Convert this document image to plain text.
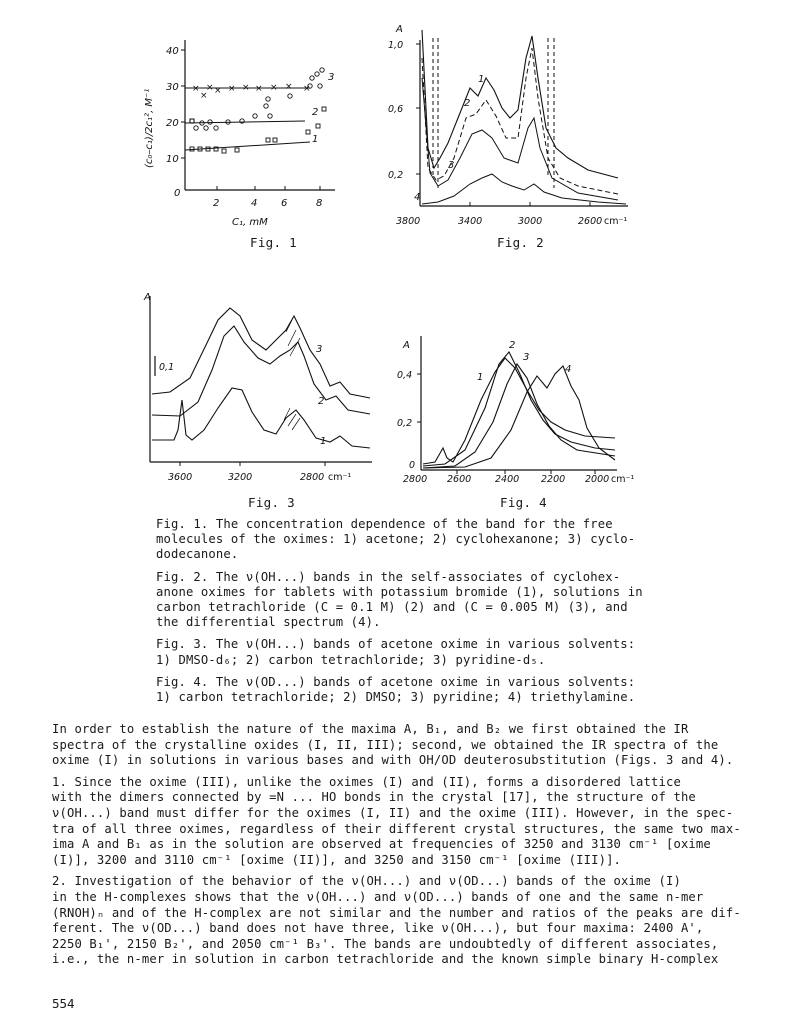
40
30
20
10
0
2	4 6	8
(c₀–c₁)/2c₁², M⁻¹
C₁, mM
×
×
× × × × × × × ×
3
2
1
Fig. 1
A
1,0
0,6
0,2
3800	3400	3000	2600 cm⁻¹
1
2
3
4
Fig. 2
A
0,1
3600	3200	2800 cm⁻¹
3
2
1
Fig. 3
A
0,4
0,2
0
2800 2600	2400 2200 2000 cm⁻¹
1
2
3
4
Fig. 4

Fig. 1. The concentration dependence of the band for the free
molecules of the oximes: 1) acetone; 2) cyclohexanone; 3) cyclo-
dodecanone.

Fig. 2. The ν(OH...) bands in the self-associates of cyclohex-
anone oximes for tablets with potassium bromide (1), solutions in
carbon tetrachloride (C = 0.1 M) (2) and (C = 0.005 M) (3), and
the differential spectrum (4).

Fig. 3. The ν(OH...) bands of acetone oxime in various solvents:
1) DMSO-d₆; 2) carbon tetrachloride; 3) pyridine-d₅.

Fig. 4. The ν(OD...) bands of acetone oxime in various solvents:
1) carbon tetrachloride; 2) DMSO; 3) pyridine; 4) triethylamine.

In order to establish the nature of the maxima A, B₁, and B₂ we first obtained the IR
spectra of the crystalline oxides (I, II, III); second, we obtained the IR spectra of the
oxime (I) in solutions in various bases and with OH/OD deuterosubstitution (Figs. 3 and 4).

1. Since the oxime (III), unlike the oximes (I) and (II), forms a disordered lattice
with the dimers connected by =N ... HO bonds in the crystal [17], the structure of the
ν(OH...) band must differ for the oximes (I, II) and the oxime (III). However, in the spec-
tra of all three oximes, regardless of their different crystal structures, the same two max-
ima A and B₁ as in the solution are observed at frequencies of 3250 and 3130 cm⁻¹ [oxime
(I)], 3200 and 3110 cm⁻¹ [oxime (II)], and 3250 and 3150 cm⁻¹ [oxime (III)].

2. Investigation of the behavior of the ν(OH...) and ν(OD...) bands of the oxime (I)
in the H-complexes shows that the ν(OH...) and ν(OD...) bands of one and the same n-mer
(RNOH)ₙ and of the H-complex are not similar and the number and ratios of the peaks are dif-
ferent. The ν(OD...) band does not have three, like ν(OH...), but four maxima: 2400 A',
2250 B₁', 2150 B₂', and 2050 cm⁻¹ B₃'. The bands are undoubtedly of different associates,
i.e., the n-mer in solution in carbon tetrachloride and the known simple binary H-complex

554
